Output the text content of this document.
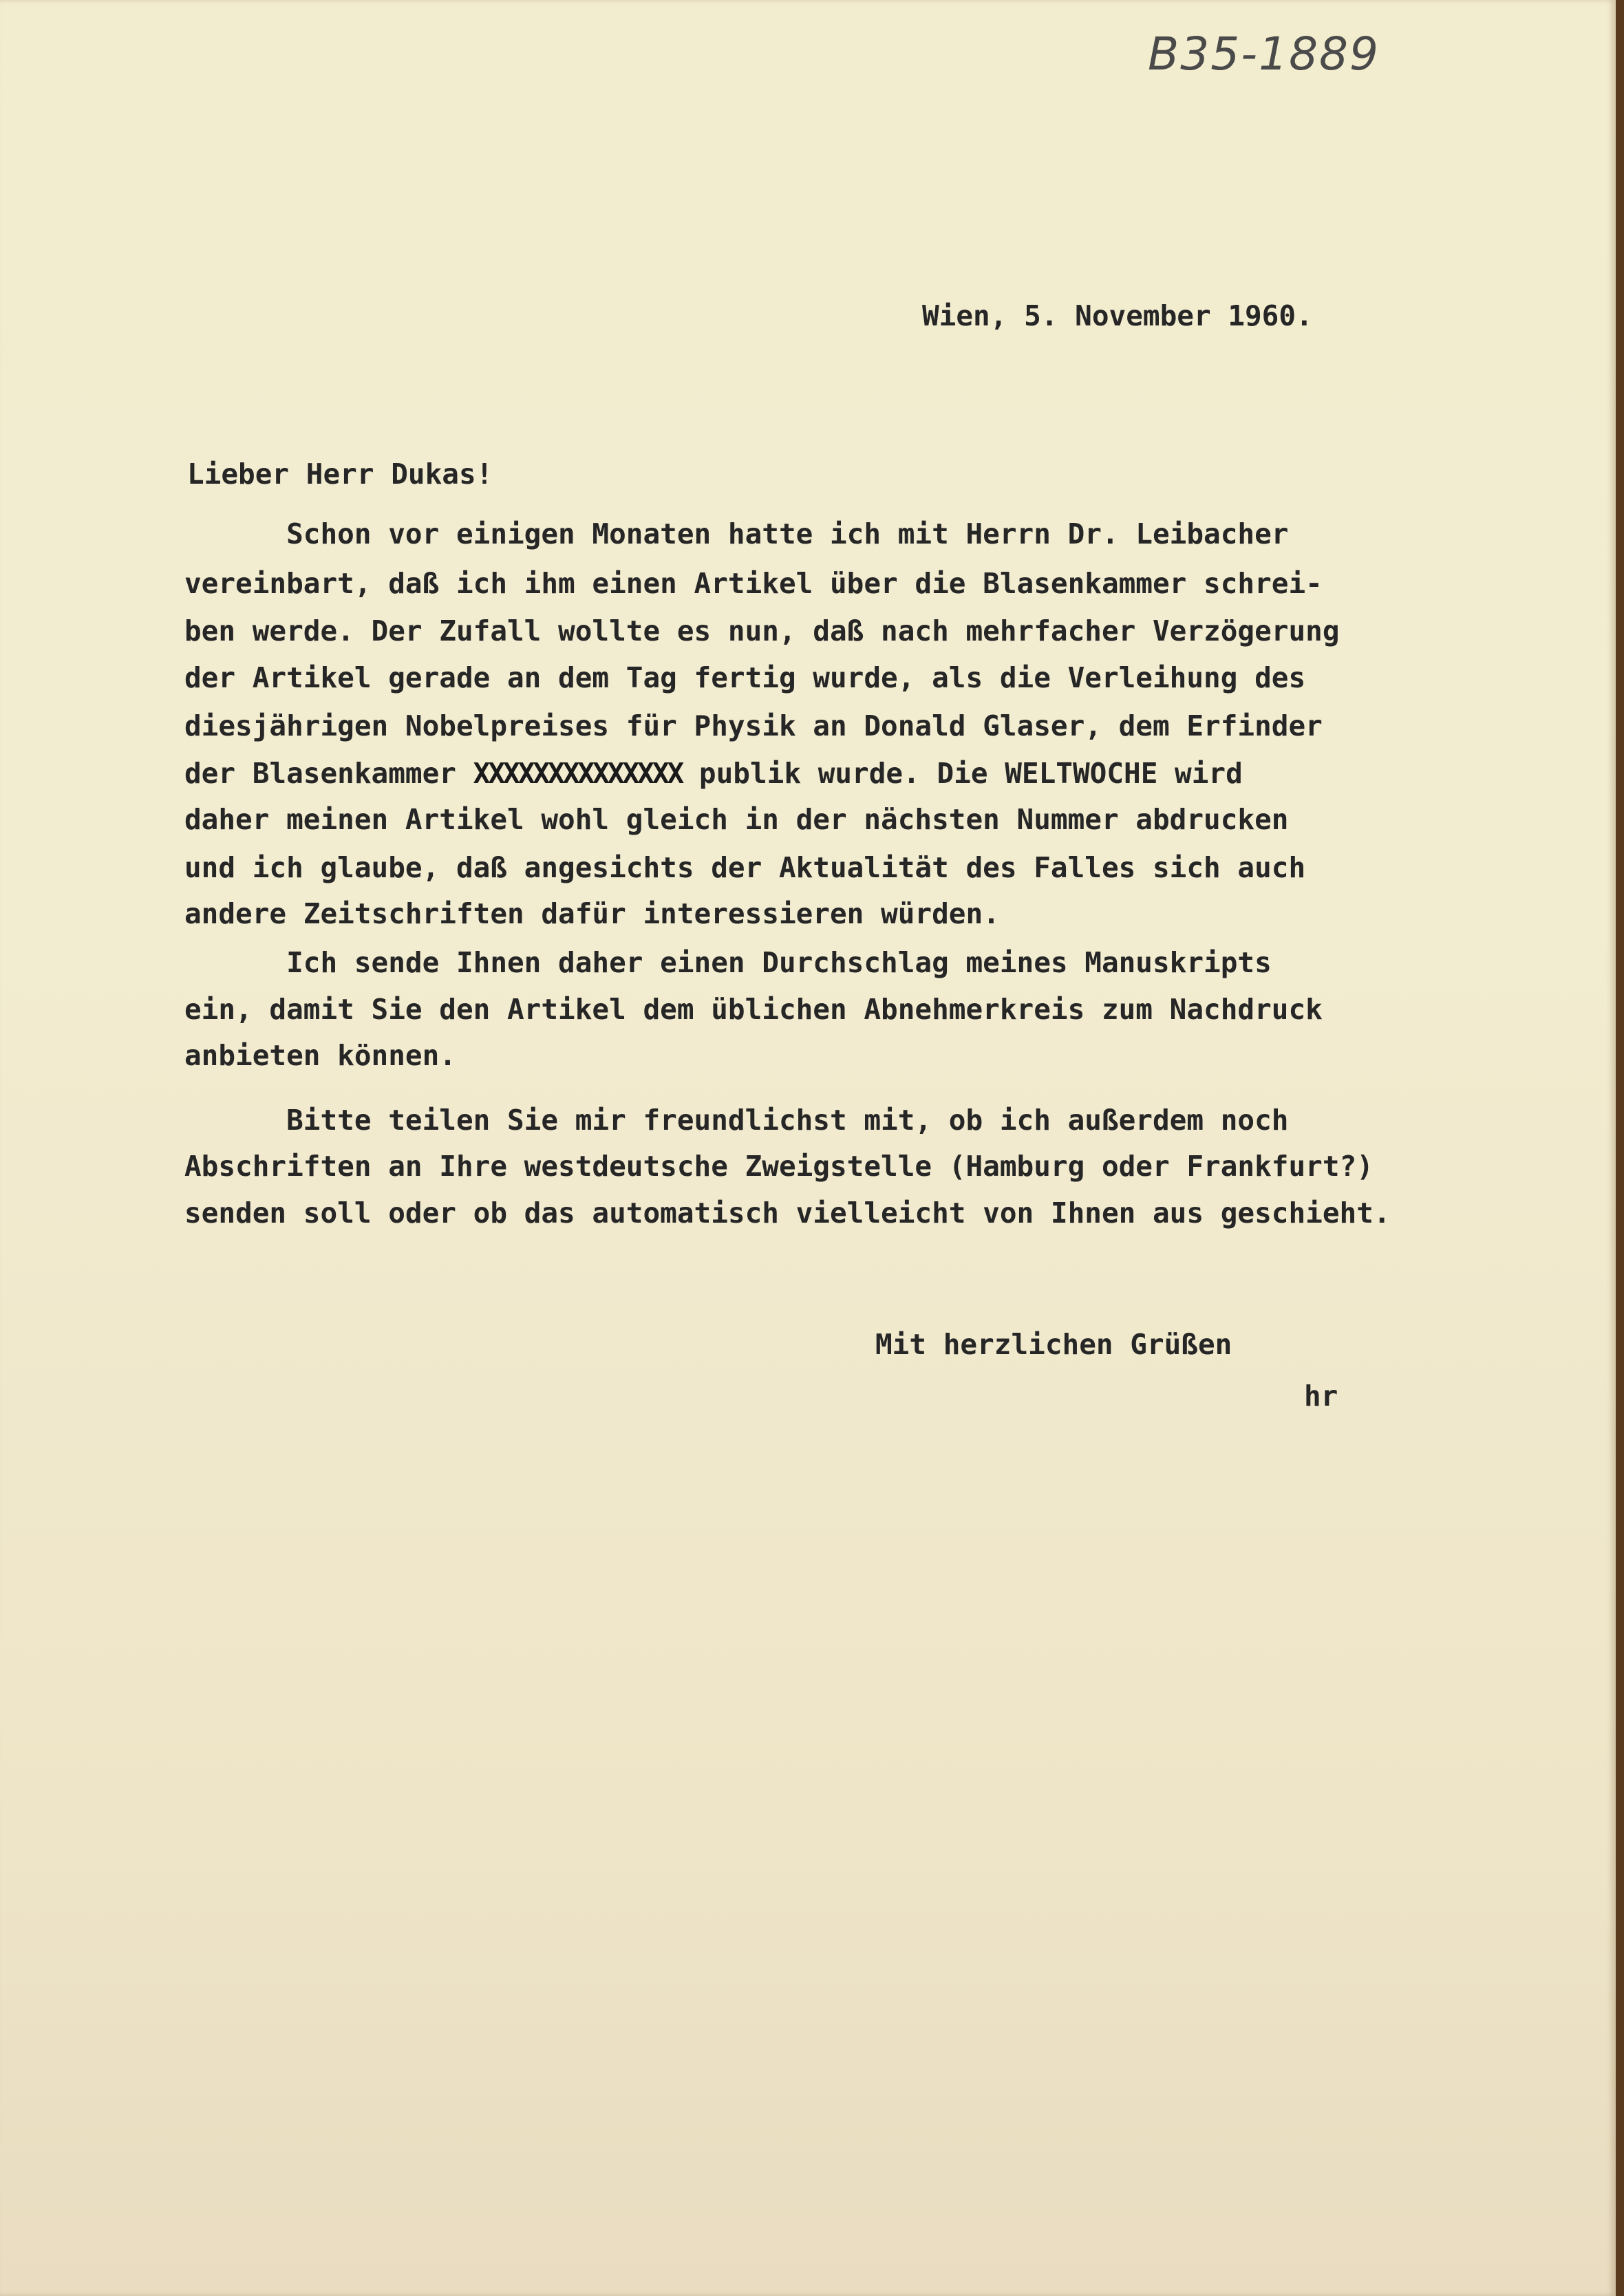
B35-1889
Wien, 5. November 1960.
Lieber Herr Dukas!
Schon vor einigen Monaten hatte ich mit Herrn Dr. Leibacher
vereinbart, daß ich ihm einen Artikel über die Blasenkammer schrei-
ben werde. Der Zufall wollte es nun, daß nach mehrfacher Verzögerung
der Artikel gerade an dem Tag fertig wurde, als die Verleihung des
diesjährigen Nobelpreises für Physik an Donald Glaser, dem Erfinder
der Blasenkammer XXXXXXXXXXXXXX publik wurde. Die WELTWOCHE wird
daher meinen Artikel wohl gleich in der nächsten Nummer abdrucken
und ich glaube, daß angesichts der Aktualität des Falles sich auch
andere Zeitschriften dafür interessieren würden.
Ich sende Ihnen daher einen Durchschlag meines Manuskripts
ein, damit Sie den Artikel dem üblichen Abnehmerkreis zum Nachdruck
anbieten können.
Bitte teilen Sie mir freundlichst mit, ob ich außerdem noch
Abschriften an Ihre westdeutsche Zweigstelle (Hamburg oder Frankfurt?)
senden soll oder ob das automatisch vielleicht von Ihnen aus geschieht.
Mit herzlichen Grüßen
hr
